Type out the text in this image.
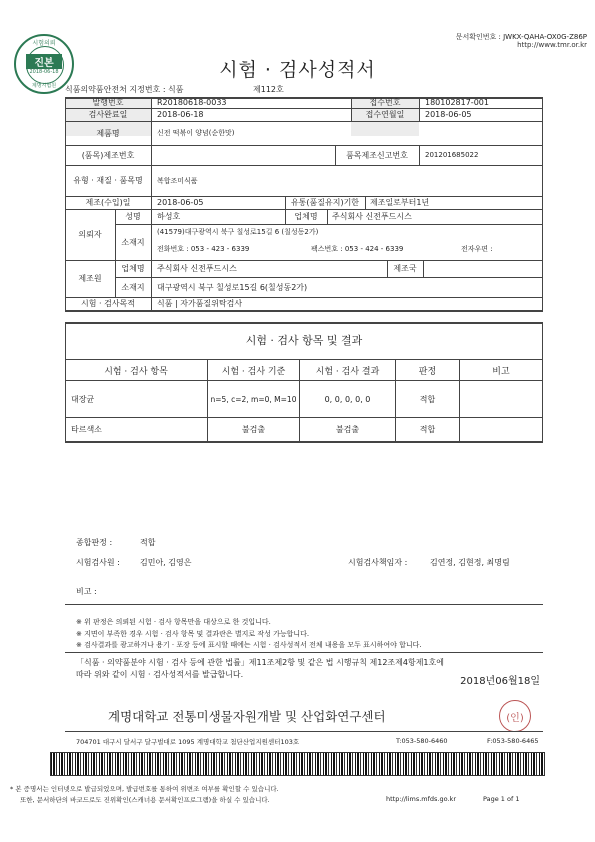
문서확인번호 : JWKX-QAHA-OX0G-Z86P
http://www.tmr.or.kr
시험의뢰
진본
2018-06-18
계명시험원
시험 · 검사성적서
식품의약품안전처 지정번호 : 식품	제112호
발행번호	R20180618-0033	접수번호	180102817-001
검사완료일	2018-06-18	접수연월일	2018-06-05
제품명	신전 떡볶이 양념(순한맛)
(품목)제조번호	품목제조신고번호	201201685022
유형 · 재질 · 품목명	복합조미식품
제조(수입)일	2018-06-05	유통(품질유지)기한	제조일로부터1년
의뢰자
성명	하성호	업체명	주식회사 신전푸드시스
소재지
(41579)대구광역시 북구 칠성로15길 6 (칠성동2가)
전화번호 : 053 - 423 - 6339	팩스번호 : 053 - 424 - 6339	전자우편 :
제조원
업체명	주식회사 신전푸드시스	제조국
소재지	대구광역시 북구 칠성로15길 6(칠성동2가)
시험 · 검사목적	식품 | 자가품질위탁검사
시험 · 검사 항목 및 결과
시험 · 검사 항목	시험 · 검사 기준	시험 · 검사 결과	판정	비고
대장균	n=5, c=2, m=0, M=10	0, 0, 0, 0, 0	적합
타르색소	불검출	불검출	적합
종합판정 :	적합
시험검사원 :	김민아, 김영은	시험검사책임자 :	김연정, 김현정, 최명림
비고 :
※ 위 판정은 의뢰된 시험 · 검사 항목만을 대상으로 한 것입니다.
※ 지면이 부족한 경우 시험 · 검사 항목 및 결과란은 별지로 작성 가능합니다.
※ 검사결과를 광고하거나 용기 · 포장 등에 표시할 때에는 시험 · 검사성적서 전체 내용을 모두 표시하여야 합니다.
「식품 · 의약품분야 시험 · 검사 등에 관한 법률」제11조제2항 및 같은 법 시행규칙 제12조제4항제1호에
따라 위와 같이 시험 · 검사성적서를 발급합니다.
2018년06월18일
계명대학교 전통미생물자원개발 및 산업화연구센터	(인)
704701 대구시 달서구 달구벌대로 1095 계명대학교 첨단산업지원센터103호	T:053-580-6460	F:053-580-6465
* 본 증명서는 인터넷으로 발급되었으며, 발급번호를 통하여 위변조 여부를 확인할 수 있습니다.
또한, 문서하단의 바코드로도 진위확인(스캐너용 문서확인프로그램)을 하실 수 있습니다.	http://lims.mfds.go.kr	Page 1 of 1
